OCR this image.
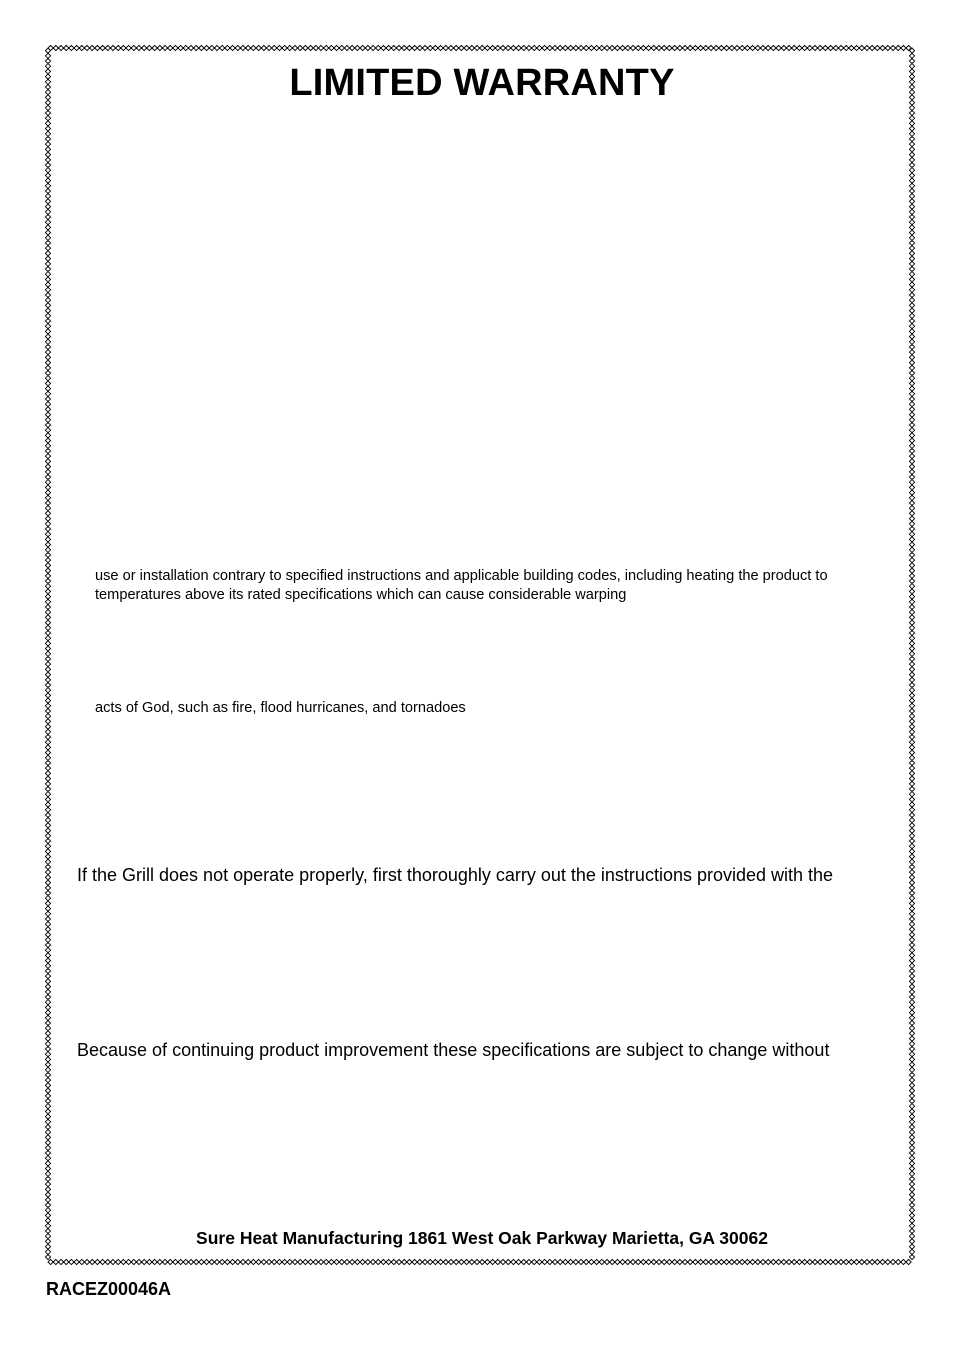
LIMITED WARRANTY
use or installation contrary to specified instructions and applicable building codes, including heating the product to temperatures above its rated specifications which can cause considerable warping
acts of God, such as fire, flood hurricanes, and tornadoes
If the Grill does not operate properly, first thoroughly carry out the instructions provided with the
Because of continuing product improvement these specifications are subject to change without
Sure Heat Manufacturing 1861 West Oak Parkway Marietta, GA 30062
RACEZ00046A
